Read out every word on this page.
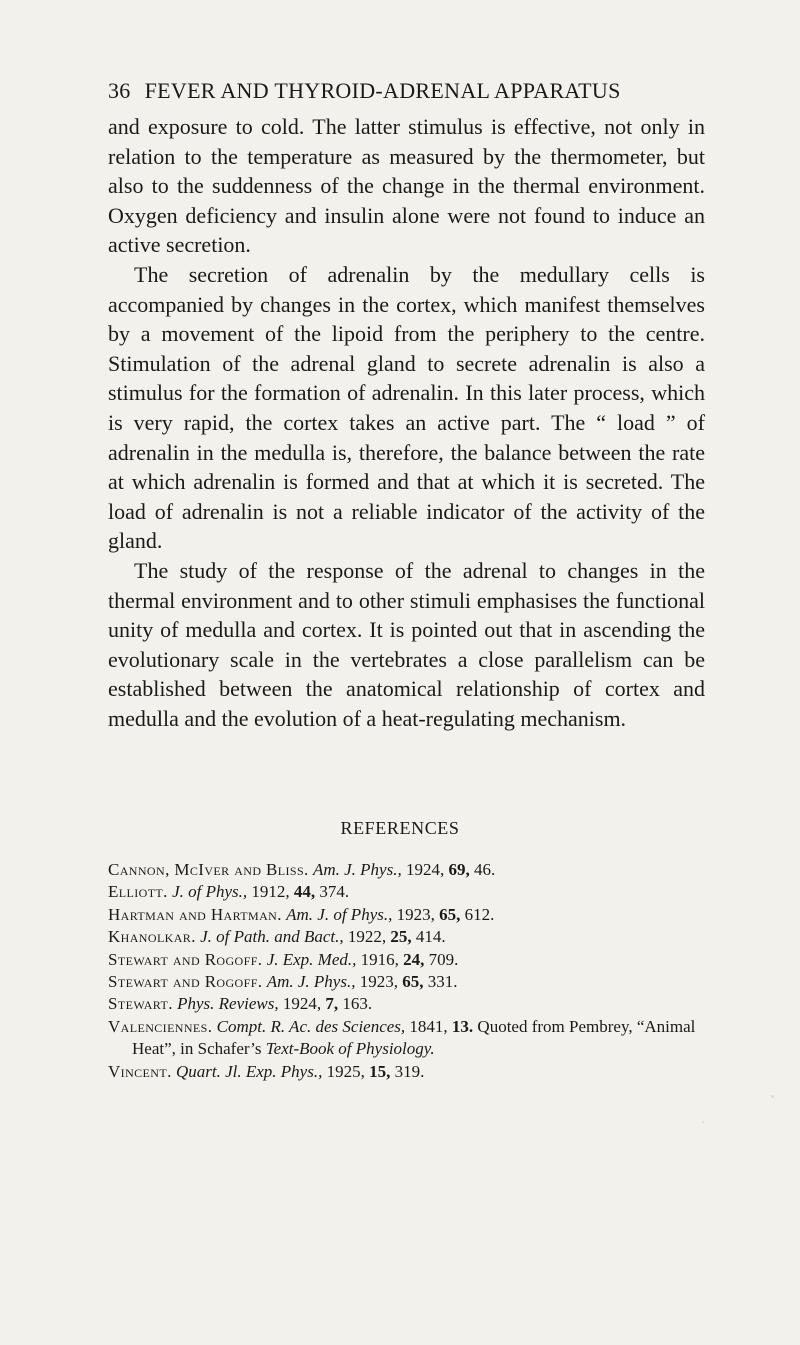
36 FEVER AND THYROID-ADRENAL APPARATUS

and exposure to cold. The latter stimulus is effective, not only in relation to the temperature as measured by the thermometer, but also to the suddenness of the change in the thermal environment. Oxygen deficiency and insulin alone were not found to induce an active secretion.

The secretion of adrenalin by the medullary cells is accompanied by changes in the cortex, which manifest themselves by a movement of the lipoid from the periphery to the centre. Stimulation of the adrenal gland to secrete adrenalin is also a stimulus for the formation of adrenalin. In this later process, which is very rapid, the cortex takes an active part. The “ load ” of adrenalin in the medulla is, therefore, the balance between the rate at which adrenalin is formed and that at which it is secreted. The load of adrenalin is not a reliable indicator of the activity of the gland.

The study of the response of the adrenal to changes in the thermal environment and to other stimuli emphasises the functional unity of medulla and cortex. It is pointed out that in ascending the evolutionary scale in the vertebrates a close parallelism can be established between the anatomical relationship of cortex and medulla and the evolution of a heat-regulating mechanism.

REFERENCES
Cannon, McIver and Bliss. Am. J. Phys., 1924, 69, 46.
Elliott. J. of Phys., 1912, 44, 374.
Hartman and Hartman. Am. J. of Phys., 1923, 65, 612.
Khanolkar. J. of Path. and Bact., 1922, 25, 414.
Stewart and Rogoff. J. Exp. Med., 1916, 24, 709.
Stewart and Rogoff. Am. J. Phys., 1923, 65, 331.
Stewart. Phys. Reviews, 1924, 7, 163.
Valenciennes. Compt. R. Ac. des Sciences, 1841, 13. Quoted from Pembrey, “Animal Heat”, in Schafer’s Text-Book of Physiology.
Vincent. Quart. Jl. Exp. Phys., 1925, 15, 319.
